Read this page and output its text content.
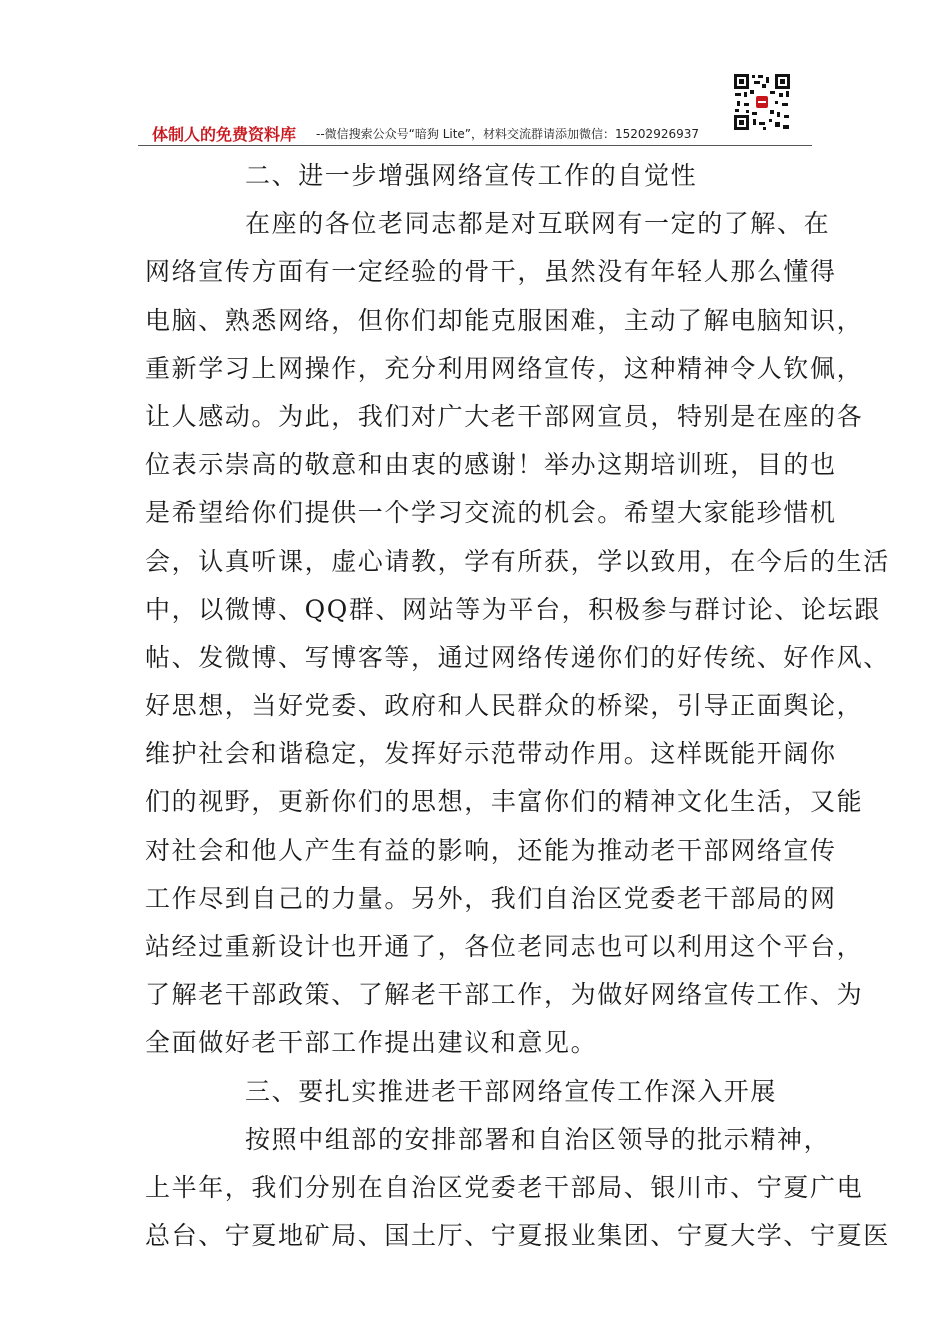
体制人的免费资料库 --微信搜索公众号“暗狗 Lite”，材料交流群请添加微信：15202926937
二、进一步增强网络宣传工作的自觉性
在座的各位老同志都是对互联网有一定的了解、在
网络宣传方面有一定经验的骨干，虽然没有年轻人那么懂得
电脑、熟悉网络，但你们却能克服困难，主动了解电脑知识，
重新学习上网操作，充分利用网络宣传，这种精神令人钦佩，
让人感动。为此，我们对广大老干部网宣员，特别是在座的各
位表示崇高的敬意和由衷的感谢！举办这期培训班，目的也
是希望给你们提供一个学习交流的机会。希望大家能珍惜机
会，认真听课，虚心请教，学有所获，学以致用，在今后的生活
中，以微博、QQ群、网站等为平台，积极参与群讨论、论坛跟
帖、发微博、写博客等，通过网络传递你们的好传统、好作风、
好思想，当好党委、政府和人民群众的桥梁，引导正面舆论，
维护社会和谐稳定，发挥好示范带动作用。这样既能开阔你
们的视野，更新你们的思想，丰富你们的精神文化生活，又能
对社会和他人产生有益的影响，还能为推动老干部网络宣传
工作尽到自己的力量。另外，我们自治区党委老干部局的网
站经过重新设计也开通了，各位老同志也可以利用这个平台，
了解老干部政策、了解老干部工作，为做好网络宣传工作、为
全面做好老干部工作提出建议和意见。
三、要扎实推进老干部网络宣传工作深入开展
按照中组部的安排部署和自治区领导的批示精神，
上半年，我们分别在自治区党委老干部局、银川市、宁夏广电
总台、宁夏地矿局、国土厅、宁夏报业集团、宁夏大学、宁夏医
